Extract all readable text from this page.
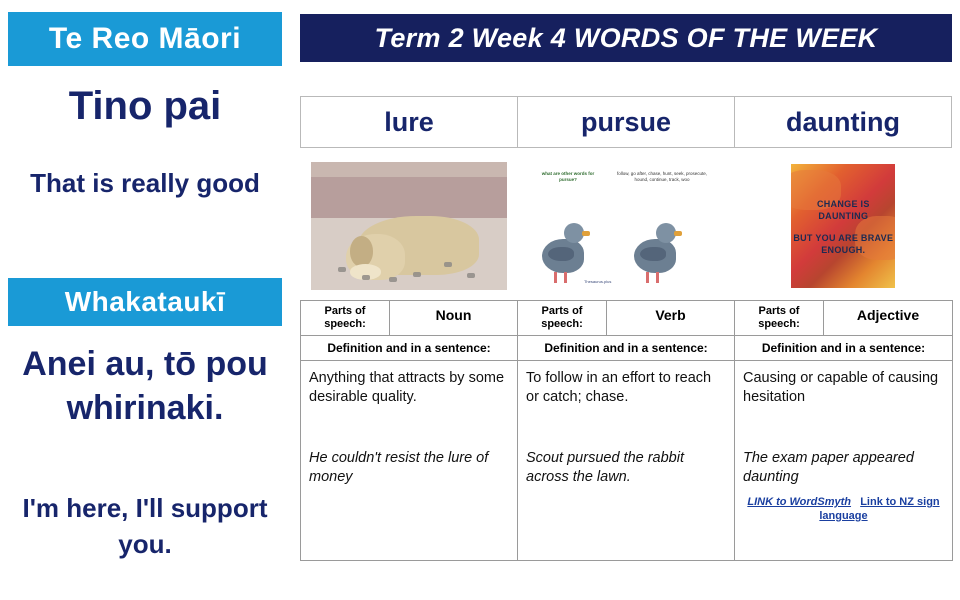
Te Reo Māori
Tino pai
That is really good
Whakataukī
Anei au, tō pou whirinaki.
I'm here, I'll support you.
Term 2 Week 4 WORDS OF THE WEEK
lure	pursue	daunting
what are other words for pursue?
follow, go after, chase, hunt, seek, prosecute, hound, continue, track, woo
Thesaurus.plus
CHANGE IS DAUNTING
BUT YOU ARE BRAVE ENOUGH.
Parts of speech:	Noun	Parts of speech:	Verb	Parts of speech:	Adjective
Definition and in a sentence:		Definition and in a sentence:		Definition and in a sentence:	

Anything that attracts by some desirable quality.
He couldn't resist the lure of money

To follow in an effort to reach or catch; chase.
Scout pursued the rabbit across the lawn.

Causing or capable of causing hesitation
The exam paper appeared daunting
LINK to WordSmyth Link to NZ sign language
